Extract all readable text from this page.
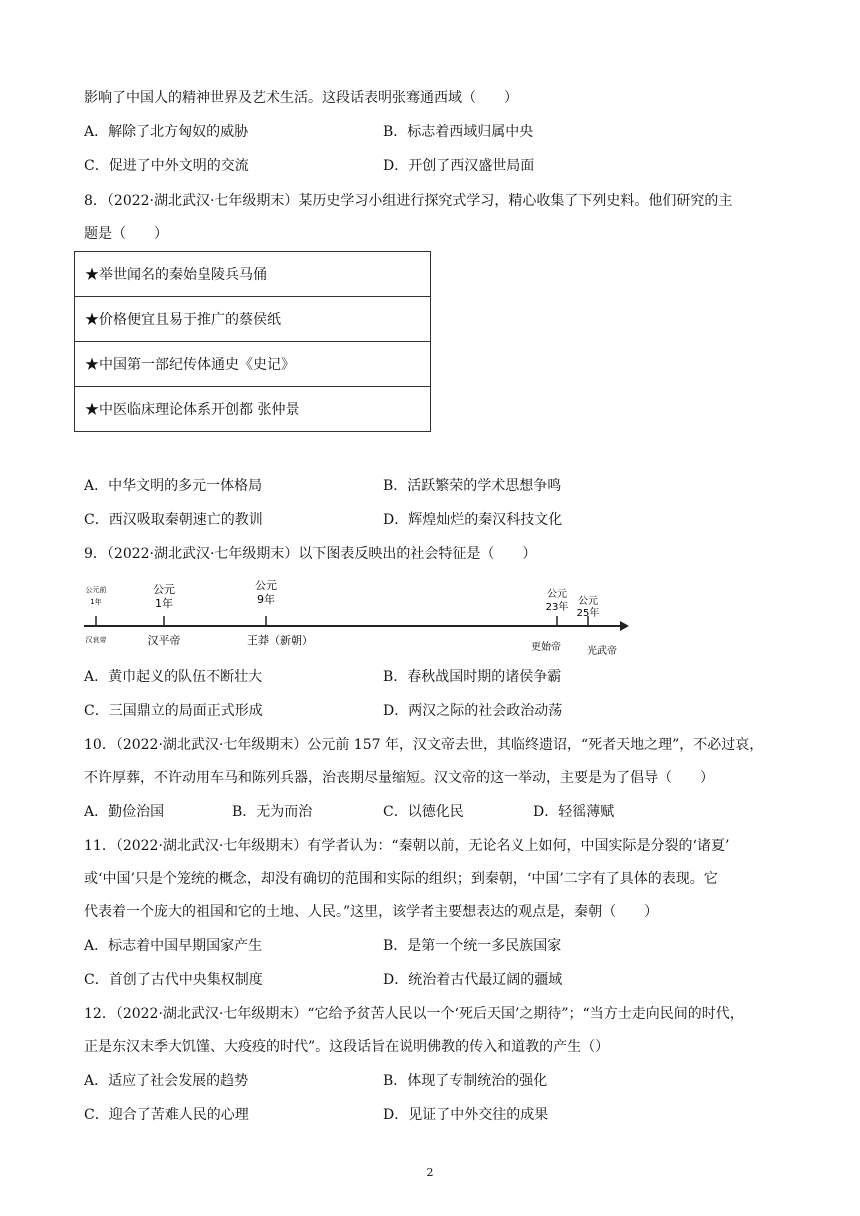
影响了中国人的精神世界及艺术生活。这段话表明张骞通西域（　　）
A．解除了北方匈奴的威胁	B．标志着西域归属中央
C．促进了中外文明的交流	D．开创了西汉盛世局面
8．（2022·湖北武汉·七年级期末）某历史学习小组进行探究式学习，精心收集了下列史料。他们研究的主
题是（　　）
★举世闻名的秦始皇陵兵马俑
★价格便宜且易于推广的蔡侯纸
★中国第一部纪传体通史《史记》
★中医临床理论体系开创都 张仲景
A．中华文明的多元一体格局	B．活跃繁荣的学术思想争鸣
C．西汉吸取秦朝速亡的教训	D．辉煌灿烂的秦汉科技文化
9．（2022·湖北武汉·七年级期末）以下图表反映出的社会特征是（　　）
公元前
1年
公元
1年
公元
9年	公元
23年
公元
25年
汉哀帝	汉平帝	王莽（新朝）
更始帝	光武帝
A．黄巾起义的队伍不断壮大	B．春秋战国时期的诸侯争霸
C．三国鼎立的局面正式形成	D．两汉之际的社会政治动荡
10．（2022·湖北武汉·七年级期末）公元前 157 年，汉文帝去世，其临终遗诏，“死者天地之理”，不必过哀，
不许厚葬，不许动用车马和陈列兵器，治丧期尽量缩短。汉文帝的这一举动，主要是为了倡导（　　）
A．勤俭治国	B．无为而治	C．以德化民	D．轻徭薄赋
11．（2022·湖北武汉·七年级期末）有学者认为：“秦朝以前，无论名义上如何，中国实际是分裂的‘诸夏’
或‘中国’只是个笼统的概念，却没有确切的范围和实际的组织；到秦朝，‘中国’二字有了具体的表现。它
代表着一个庞大的祖国和它的土地、人民。”这里，该学者主要想表达的观点是，秦朝（　　）
A．标志着中国早期国家产生	B．是第一个统一多民族国家
C．首创了古代中央集权制度	D．统治着古代最辽阔的疆域
12．（2022·湖北武汉·七年级期末）“它给予贫苦人民以一个‘死后天国’之期待”；“当方士走向民间的时代，
正是东汉末季大饥馑、大疫疫的时代”。这段话旨在说明佛教的传入和道教的产生（）
A．适应了社会发展的趋势	B．体现了专制统治的强化
C．迎合了苦难人民的心理	D．见证了中外交往的成果
2
